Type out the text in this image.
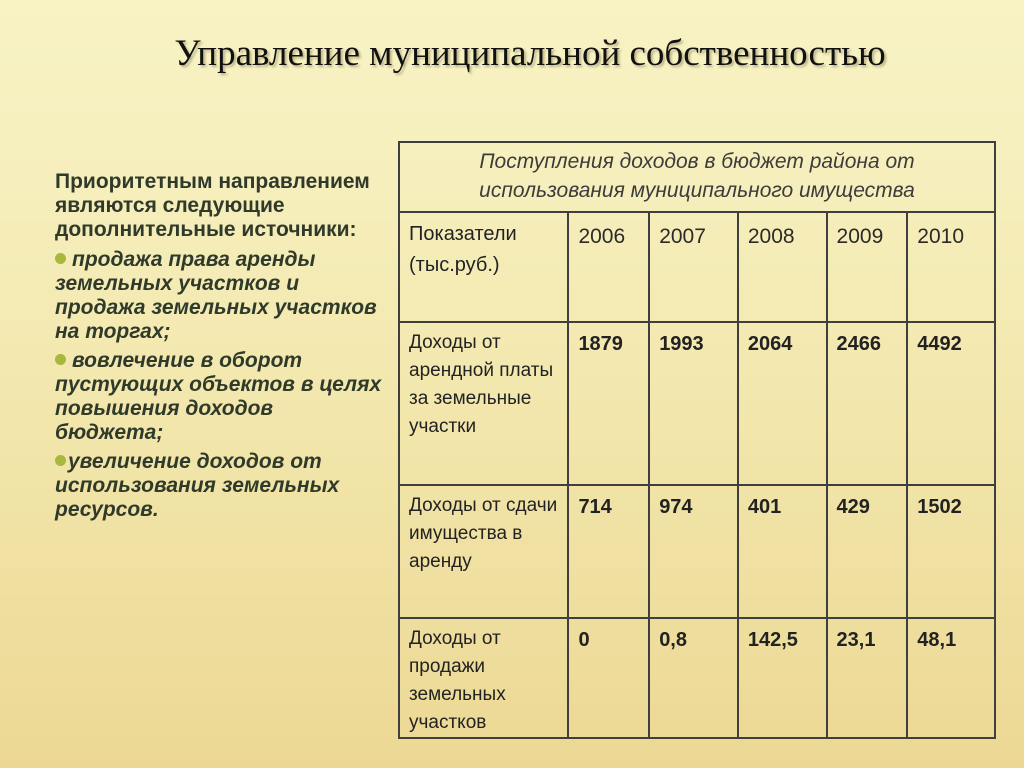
Управление муниципальной собственностью
Приоритетным направлением являются следующие дополнительные источники:
продажа права аренды земельных участков и продажа земельных участков на торгах;
вовлечение в оборот пустующих объектов в целях повышения доходов бюджета;
увеличение доходов от использования земельных ресурсов.
Поступления доходов в бюджет района от использования муниципального имущества					
Показатели (тыс.руб.)	2006	2007	2008	2009	2010
Доходы от арендной платы за земельные участки	1879	1993	2064	2466	4492
Доходы от сдачи имущества в аренду	714	974	401	429	1502
Доходы от продажи земельных участков	0	0,8	142,5	23,1	48,1
